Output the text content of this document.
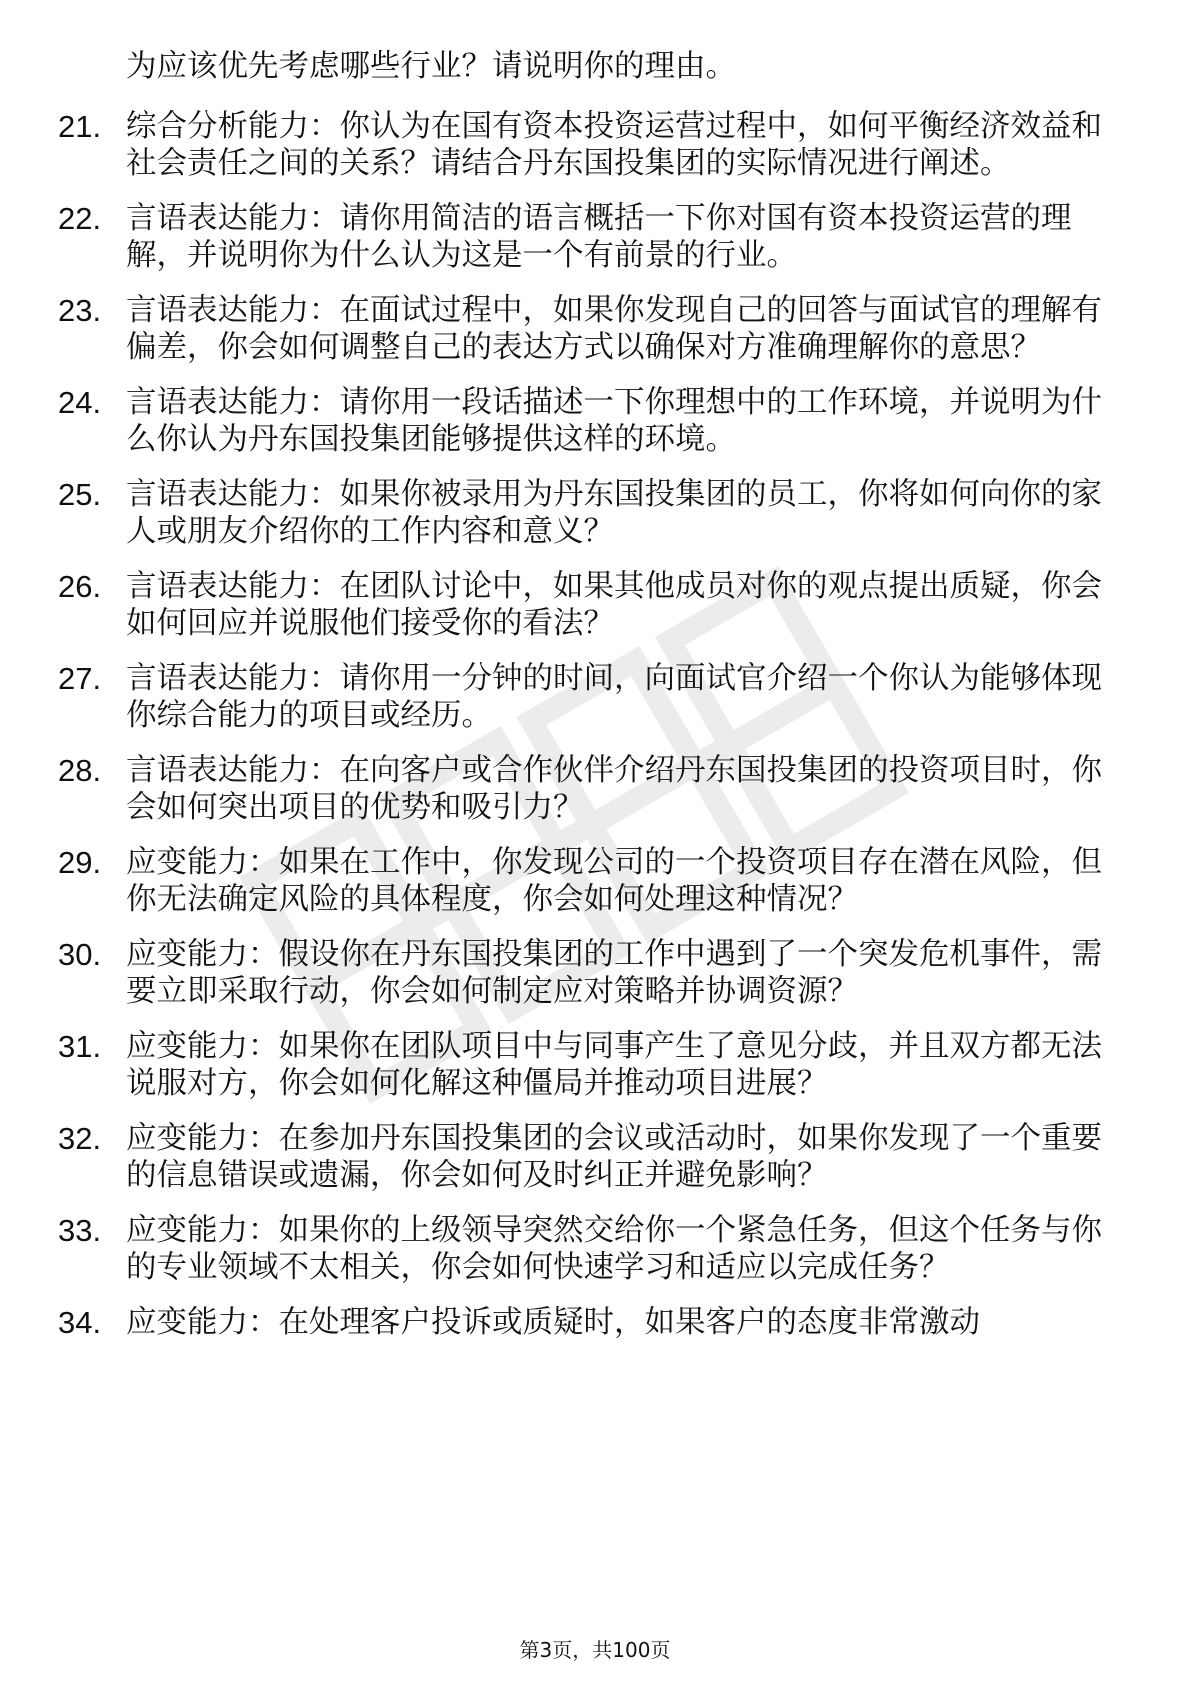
为应该优先考虑哪些行业？请说明你的理由。
21. 综合分析能力：你认为在国有资本投资运营过程中，如何平衡经济效益和社会责任之间的关系？请结合丹东国投集团的实际情况进行阐述。
22. 言语表达能力：请你用简洁的语言概括一下你对国有资本投资运营的理解，并说明你为什么认为这是一个有前景的行业。
23. 言语表达能力：在面试过程中，如果你发现自己的回答与面试官的理解有偏差，你会如何调整自己的表达方式以确保对方准确理解你的意思？
24. 言语表达能力：请你用一段话描述一下你理想中的工作环境，并说明为什么你认为丹东国投集团能够提供这样的环境。
25. 言语表达能力：如果你被录用为丹东国投集团的员工，你将如何向你的家人或朋友介绍你的工作内容和意义？
26. 言语表达能力：在团队讨论中，如果其他成员对你的观点提出质疑，你会如何回应并说服他们接受你的看法？
27. 言语表达能力：请你用一分钟的时间，向面试官介绍一个你认为能够体现你综合能力的项目或经历。
28. 言语表达能力：在向客户或合作伙伴介绍丹东国投集团的投资项目时，你会如何突出项目的优势和吸引力？
29. 应变能力：如果在工作中，你发现公司的一个投资项目存在潜在风险，但你无法确定风险的具体程度，你会如何处理这种情况？
30. 应变能力：假设你在丹东国投集团的工作中遇到了一个突发危机事件，需要立即采取行动，你会如何制定应对策略并协调资源？
31. 应变能力：如果你在团队项目中与同事产生了意见分歧，并且双方都无法说服对方，你会如何化解这种僵局并推动项目进展？
32. 应变能力：在参加丹东国投集团的会议或活动时，如果你发现了一个重要的信息错误或遗漏，你会如何及时纠正并避免影响？
33. 应变能力：如果你的上级领导突然交给你一个紧急任务，但这个任务与你的专业领域不太相关，你会如何快速学习和适应以完成任务？
34. 应变能力：在处理客户投诉或质疑时，如果客户的态度非常激动
第3页，共100页
